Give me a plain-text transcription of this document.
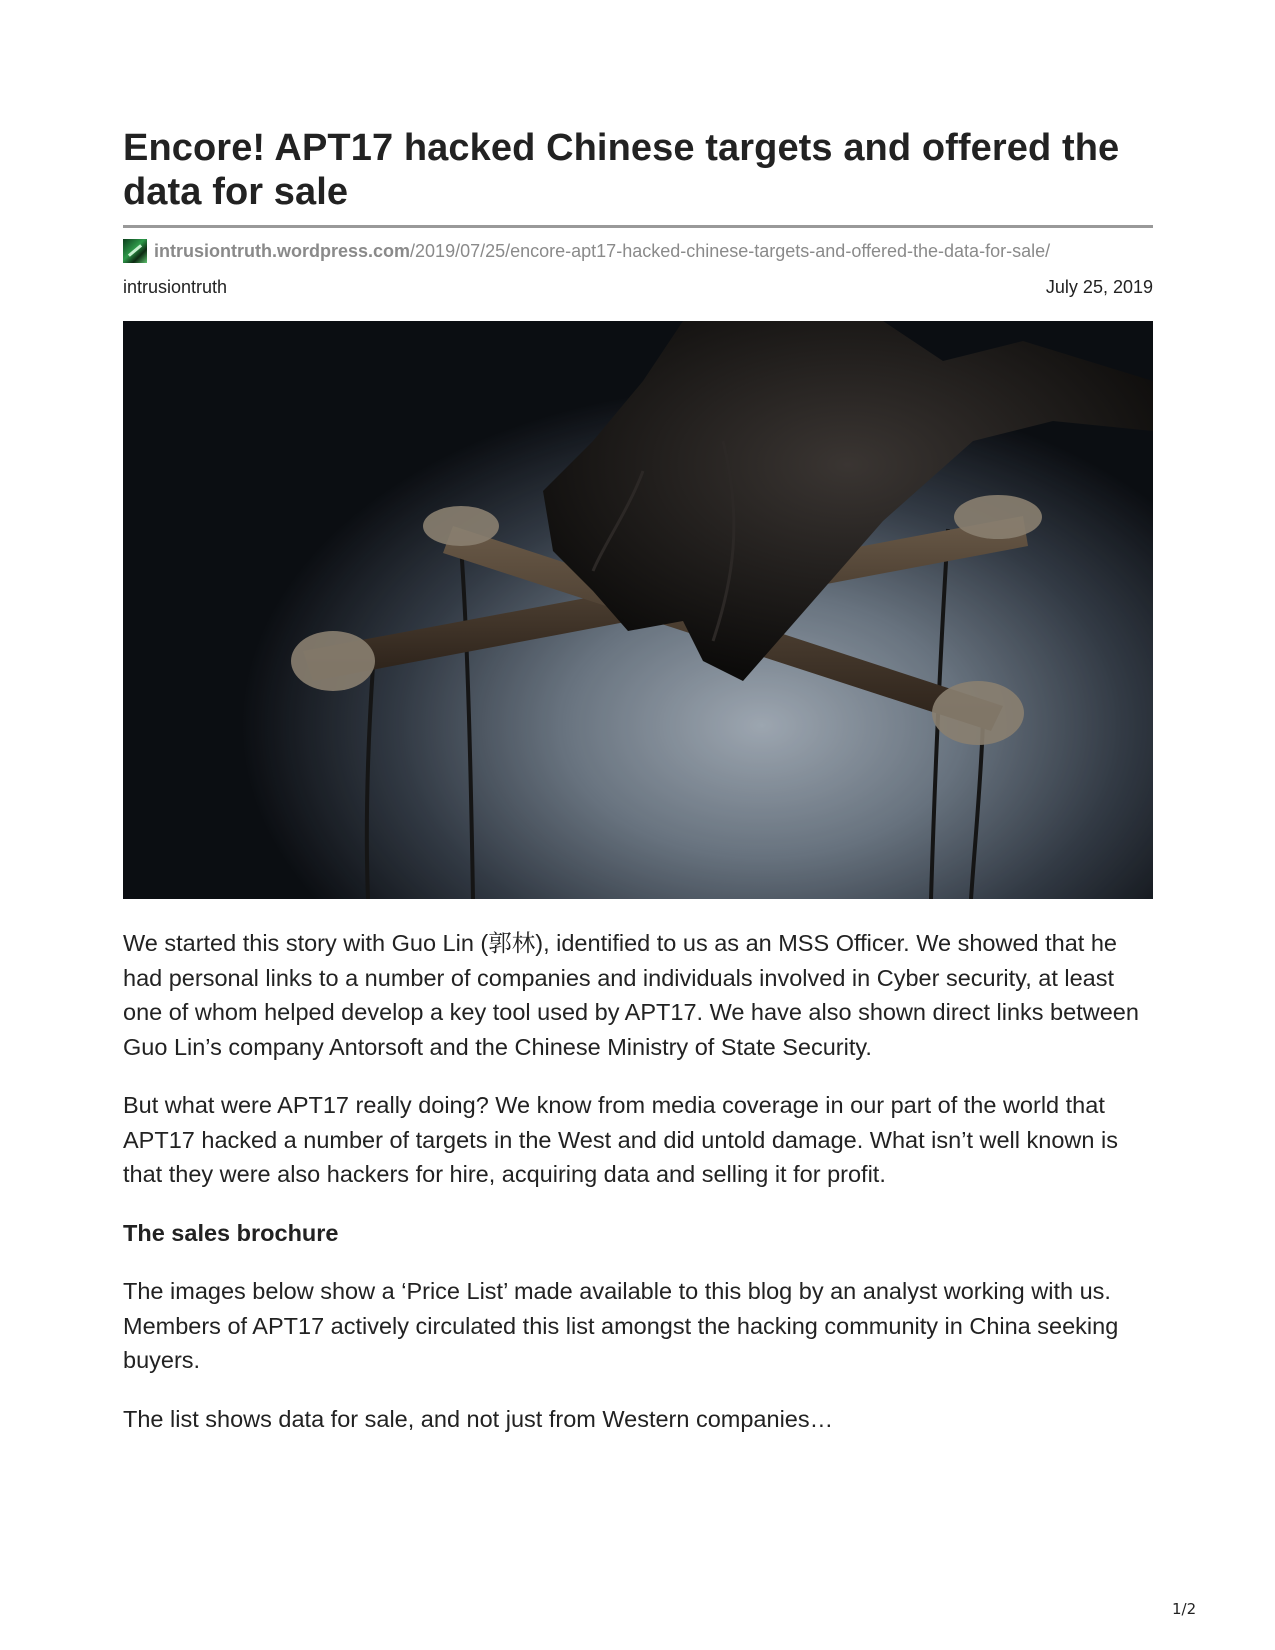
Encore! APT17 hacked Chinese targets and offered the data for sale
intrusiontruth.wordpress.com /2019/07/25/encore-apt17-hacked-chinese-targets-and-offered-the-data-for-sale/
intrusiontruth	July 25, 2019

We started this story with Guo Lin (郭林), identified to us as an MSS Officer. We showed that he had personal links to a number of companies and individuals involved in Cyber security, at least one of whom helped develop a key tool used by APT17. We have also shown direct links between Guo Lin’s company Antorsoft and the Chinese Ministry of State Security.

But what were APT17 really doing? We know from media coverage in our part of the world that APT17 hacked a number of targets in the West and did untold damage. What isn’t well known is that they were also hackers for hire, acquiring data and selling it for profit.

The sales brochure

The images below show a ‘Price List’ made available to this blog by an analyst working with us. Members of APT17 actively circulated this list amongst the hacking community in China seeking buyers.

The list shows data for sale, and not just from Western companies…

1/2
